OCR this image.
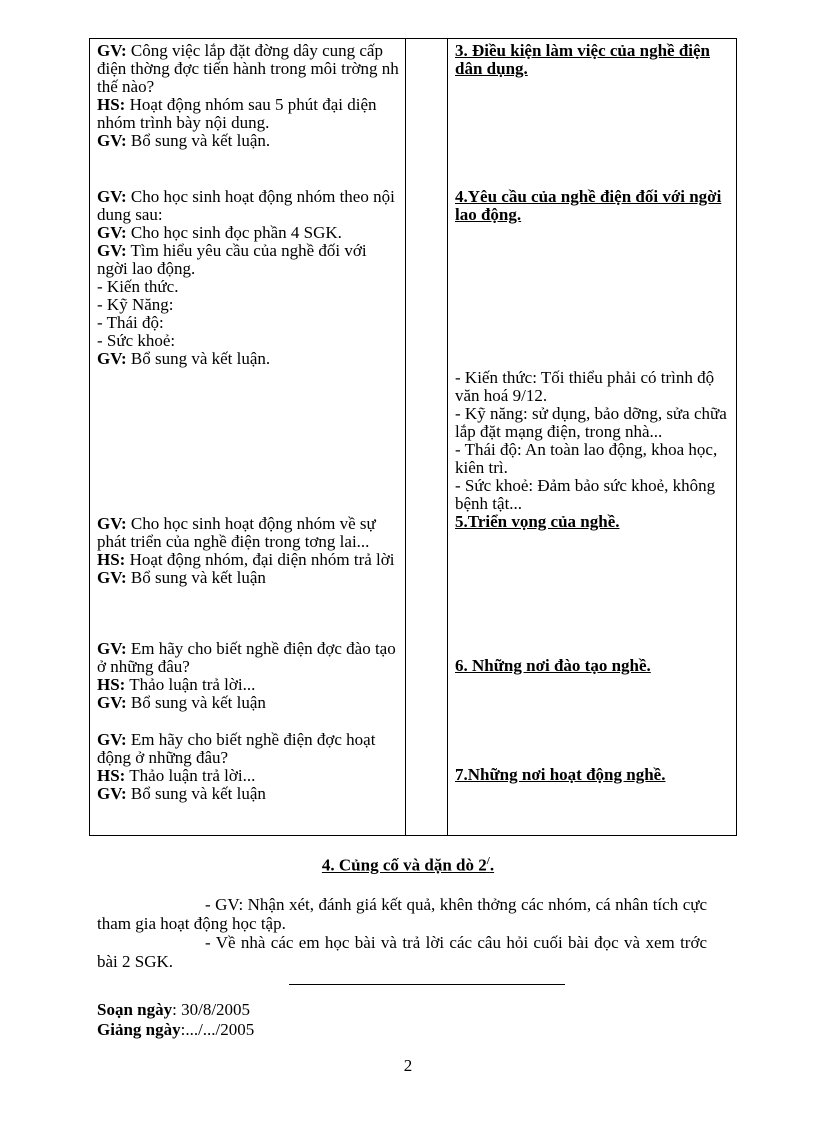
GV: Công việc lắp đặt đờng dây cung cấp điện thờng đợc tiến hành trong môi trờng nh thế nào?

HS: Hoạt động nhóm sau 5 phút đại diện nhóm trình bày nội dung.

GV: Bổ sung và kết luận.

GV: Cho học sinh hoạt động nhóm theo nội dung sau:

GV: Cho học sinh đọc phần 4 SGK.

GV: Tìm hiểu yêu cầu của nghề đối với ngời lao động.

- Kiến thức.

- Kỹ Năng:

- Thái độ:

- Sức khoẻ:

GV: Bổ sung và kết luận.

GV: Cho học sinh hoạt động nhóm về sự phát triển của nghề điện trong tơng lai...

HS: Hoạt động nhóm, đại diện nhóm trả lời

GV: Bổ sung và kết luận

GV: Em hãy cho biết nghề điện đợc đào tạo ở những đâu?

HS: Thảo luận trả lời...

GV: Bổ sung và kết luận

GV: Em hãy cho biết nghề điện đợc hoạt động ở những đâu?

HS: Thảo luận trả lời...

GV: Bổ sung và kết luận

3. Điều kiện làm việc của nghề điện dân dụng.
4.Yêu cầu của nghề điện đối với ngời lao động.

- Kiến thức: Tối thiểu phải có trình độ văn hoá 9/12.

- Kỹ năng: sử dụng, bảo dỡng, sửa chữa lắp đặt mạng điện, trong nhà...

- Thái độ: An toàn lao động, khoa học, kiên trì.

- Sức khoẻ: Đảm bảo sức khoẻ, không bệnh tật...

5.Triển vọng của nghề.
6. Những nơi đào tạo nghề.
7.Những nơi hoạt động nghề.
4. Củng cố và dặn dò 2/.

- GV: Nhận xét, đánh giá kết quả, khên thởng các nhóm, cá nhân tích cực tham gia hoạt động học tập.

- Về nhà các em học bài và trả lời các câu hỏi cuối bài đọc và xem trớc bài 2 SGK.

Soạn ngày: 30/8/2005
Giảng ngày:.../.../2005
2
